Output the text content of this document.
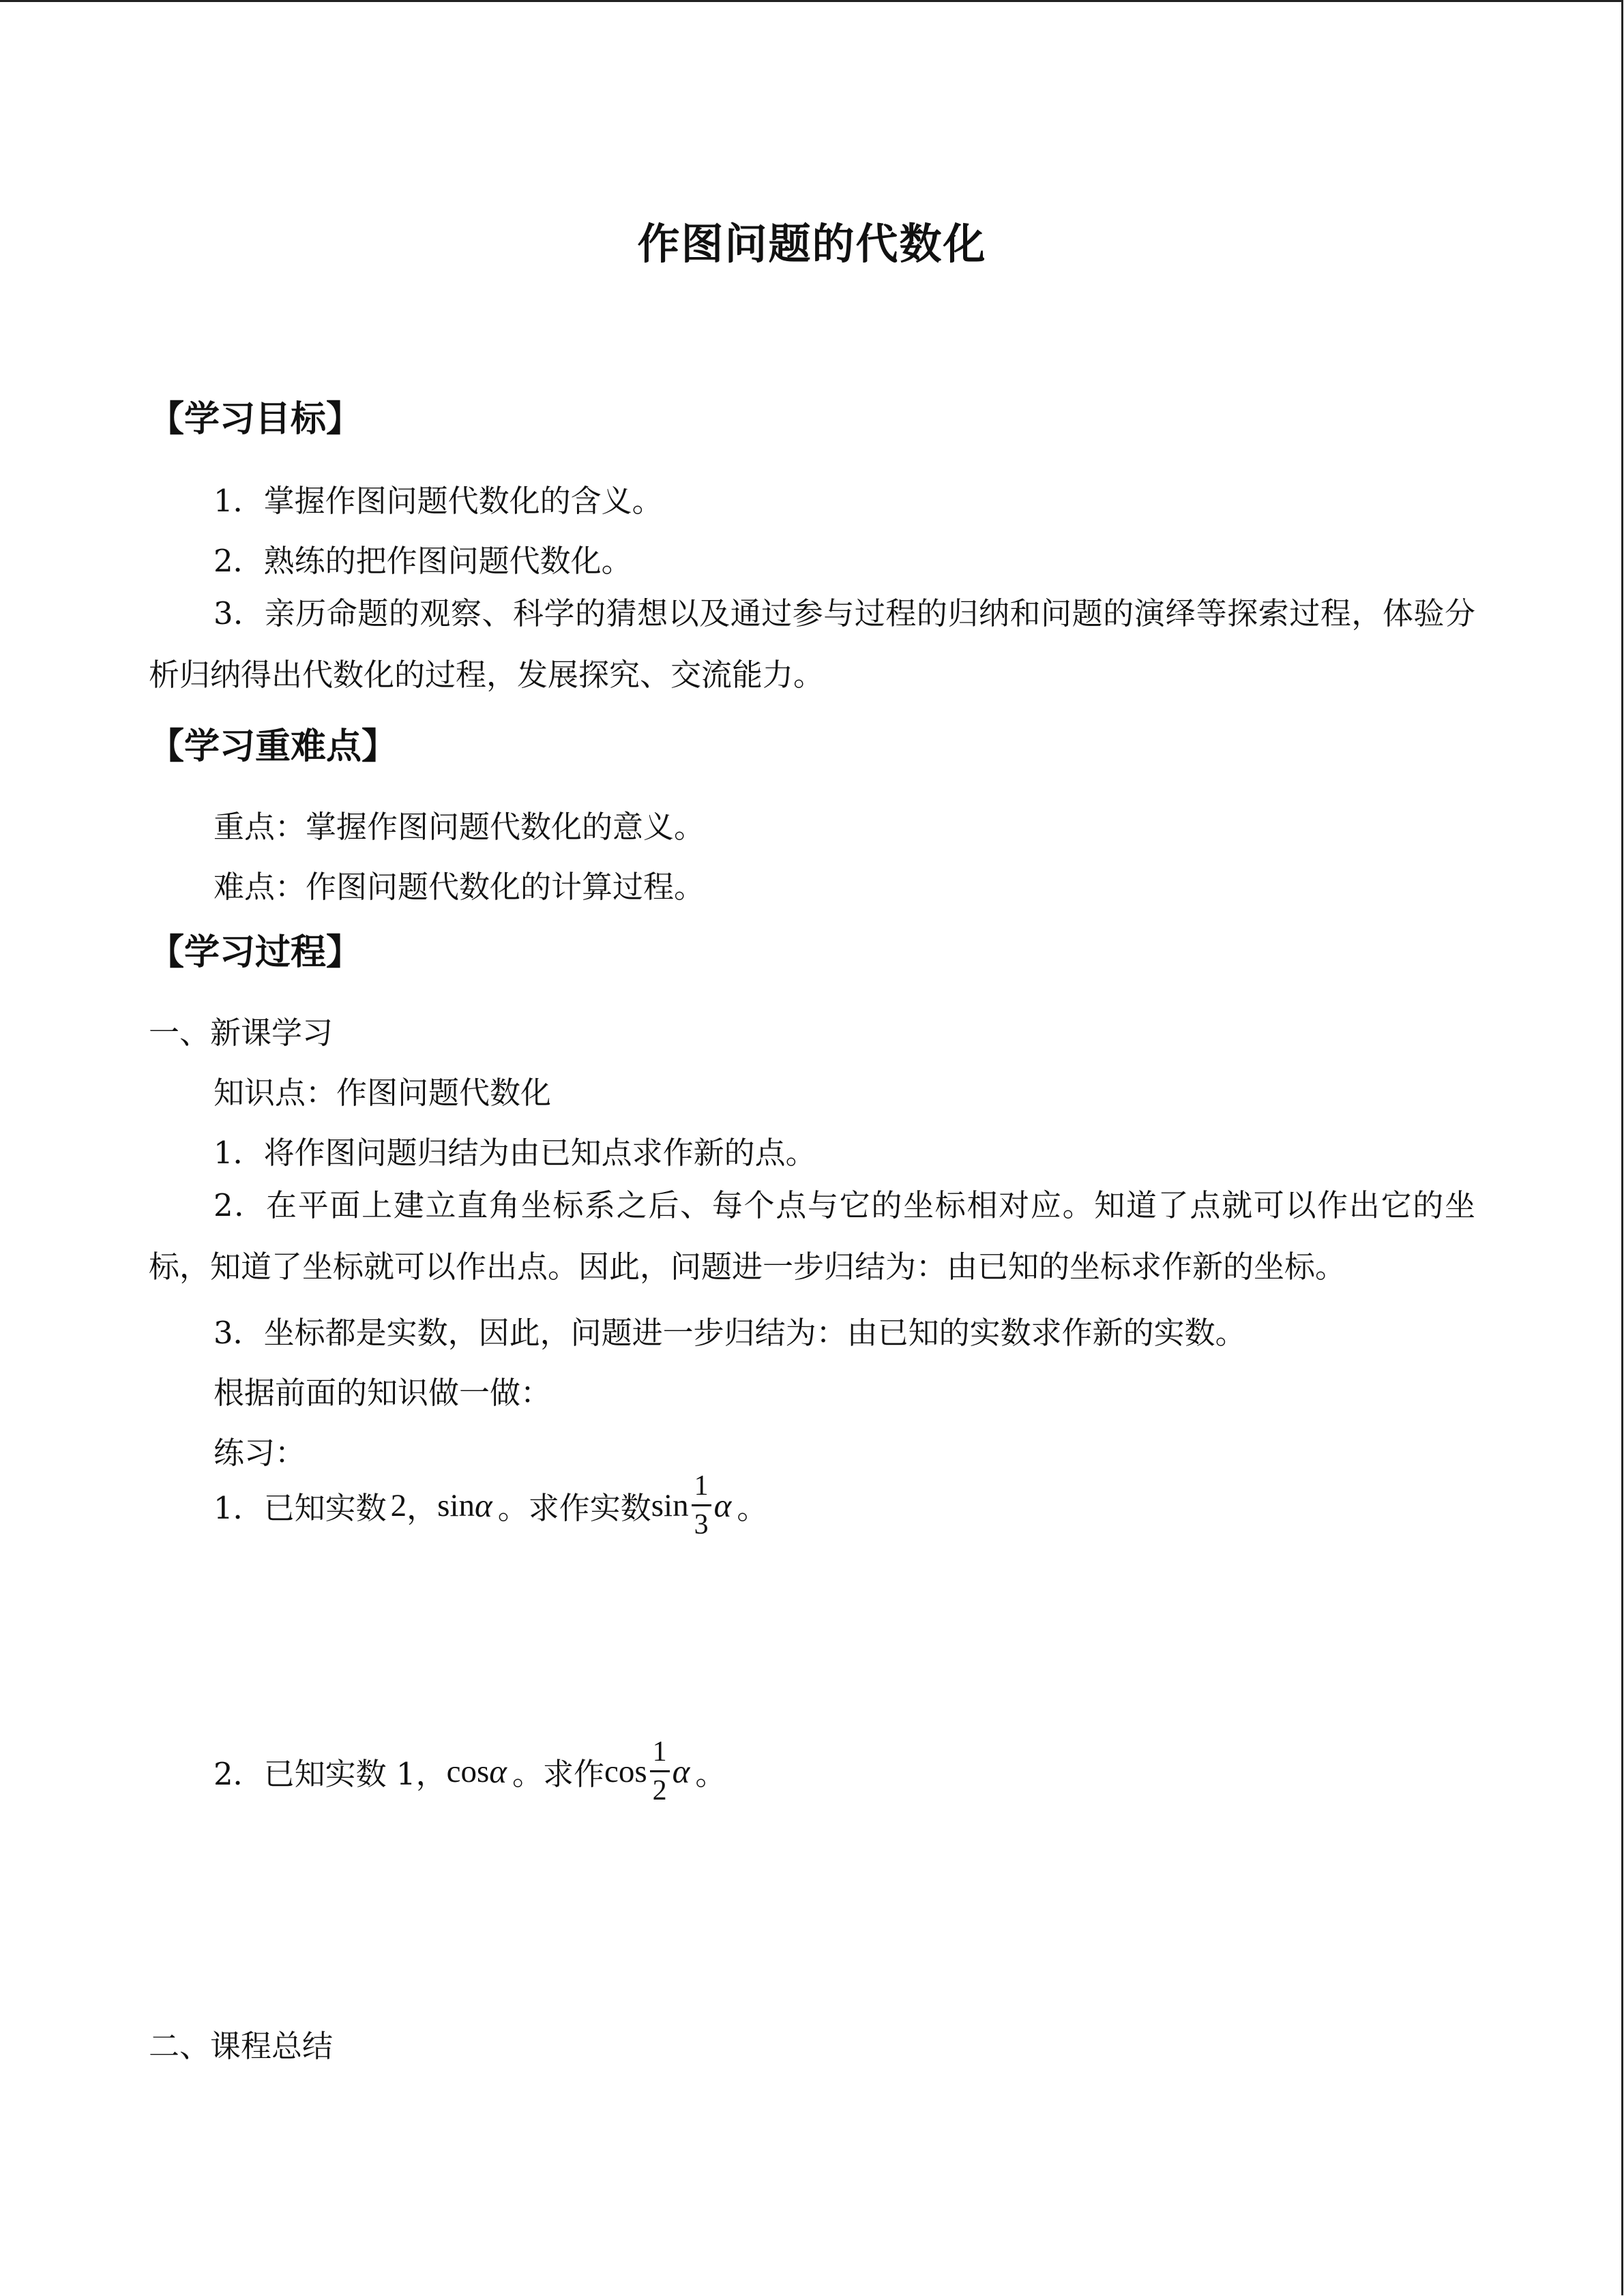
作图问题的代数化
【学习目标】

1．掌握作图问题代数化的含义。

2．熟练的把作图问题代数化。

3．亲历命题的观察、科学的猜想以及通过参与过程的归纳和问题的演绎等探索过程，体验分析归纳得出代数化的过程，发展探究、交流能力。

【学习重难点】

重点：掌握作图问题代数化的意义。

难点：作图问题代数化的计算过程。

【学习过程】

一、新课学习

知识点：作图问题代数化

1．将作图问题归结为由已知点求作新的点。

2．在平面上建立直角坐标系之后、每个点与它的坐标相对应。知道了点就可以作出它的坐标，知道了坐标就可以作出点。因此，问题进一步归结为：由已知的坐标求作新的坐标。

3．坐标都是实数，因此，问题进一步归结为：由已知的实数求作新的实数。

根据前面的知识做一做：

练习：

1．已知实数 2 ， sin α 。求作实数 $\sin \frac{1}{3}$ α 。
2．已知实数 1， cos α 。求作 $\cos \frac{1}{2}$ α 。

二、课程总结
